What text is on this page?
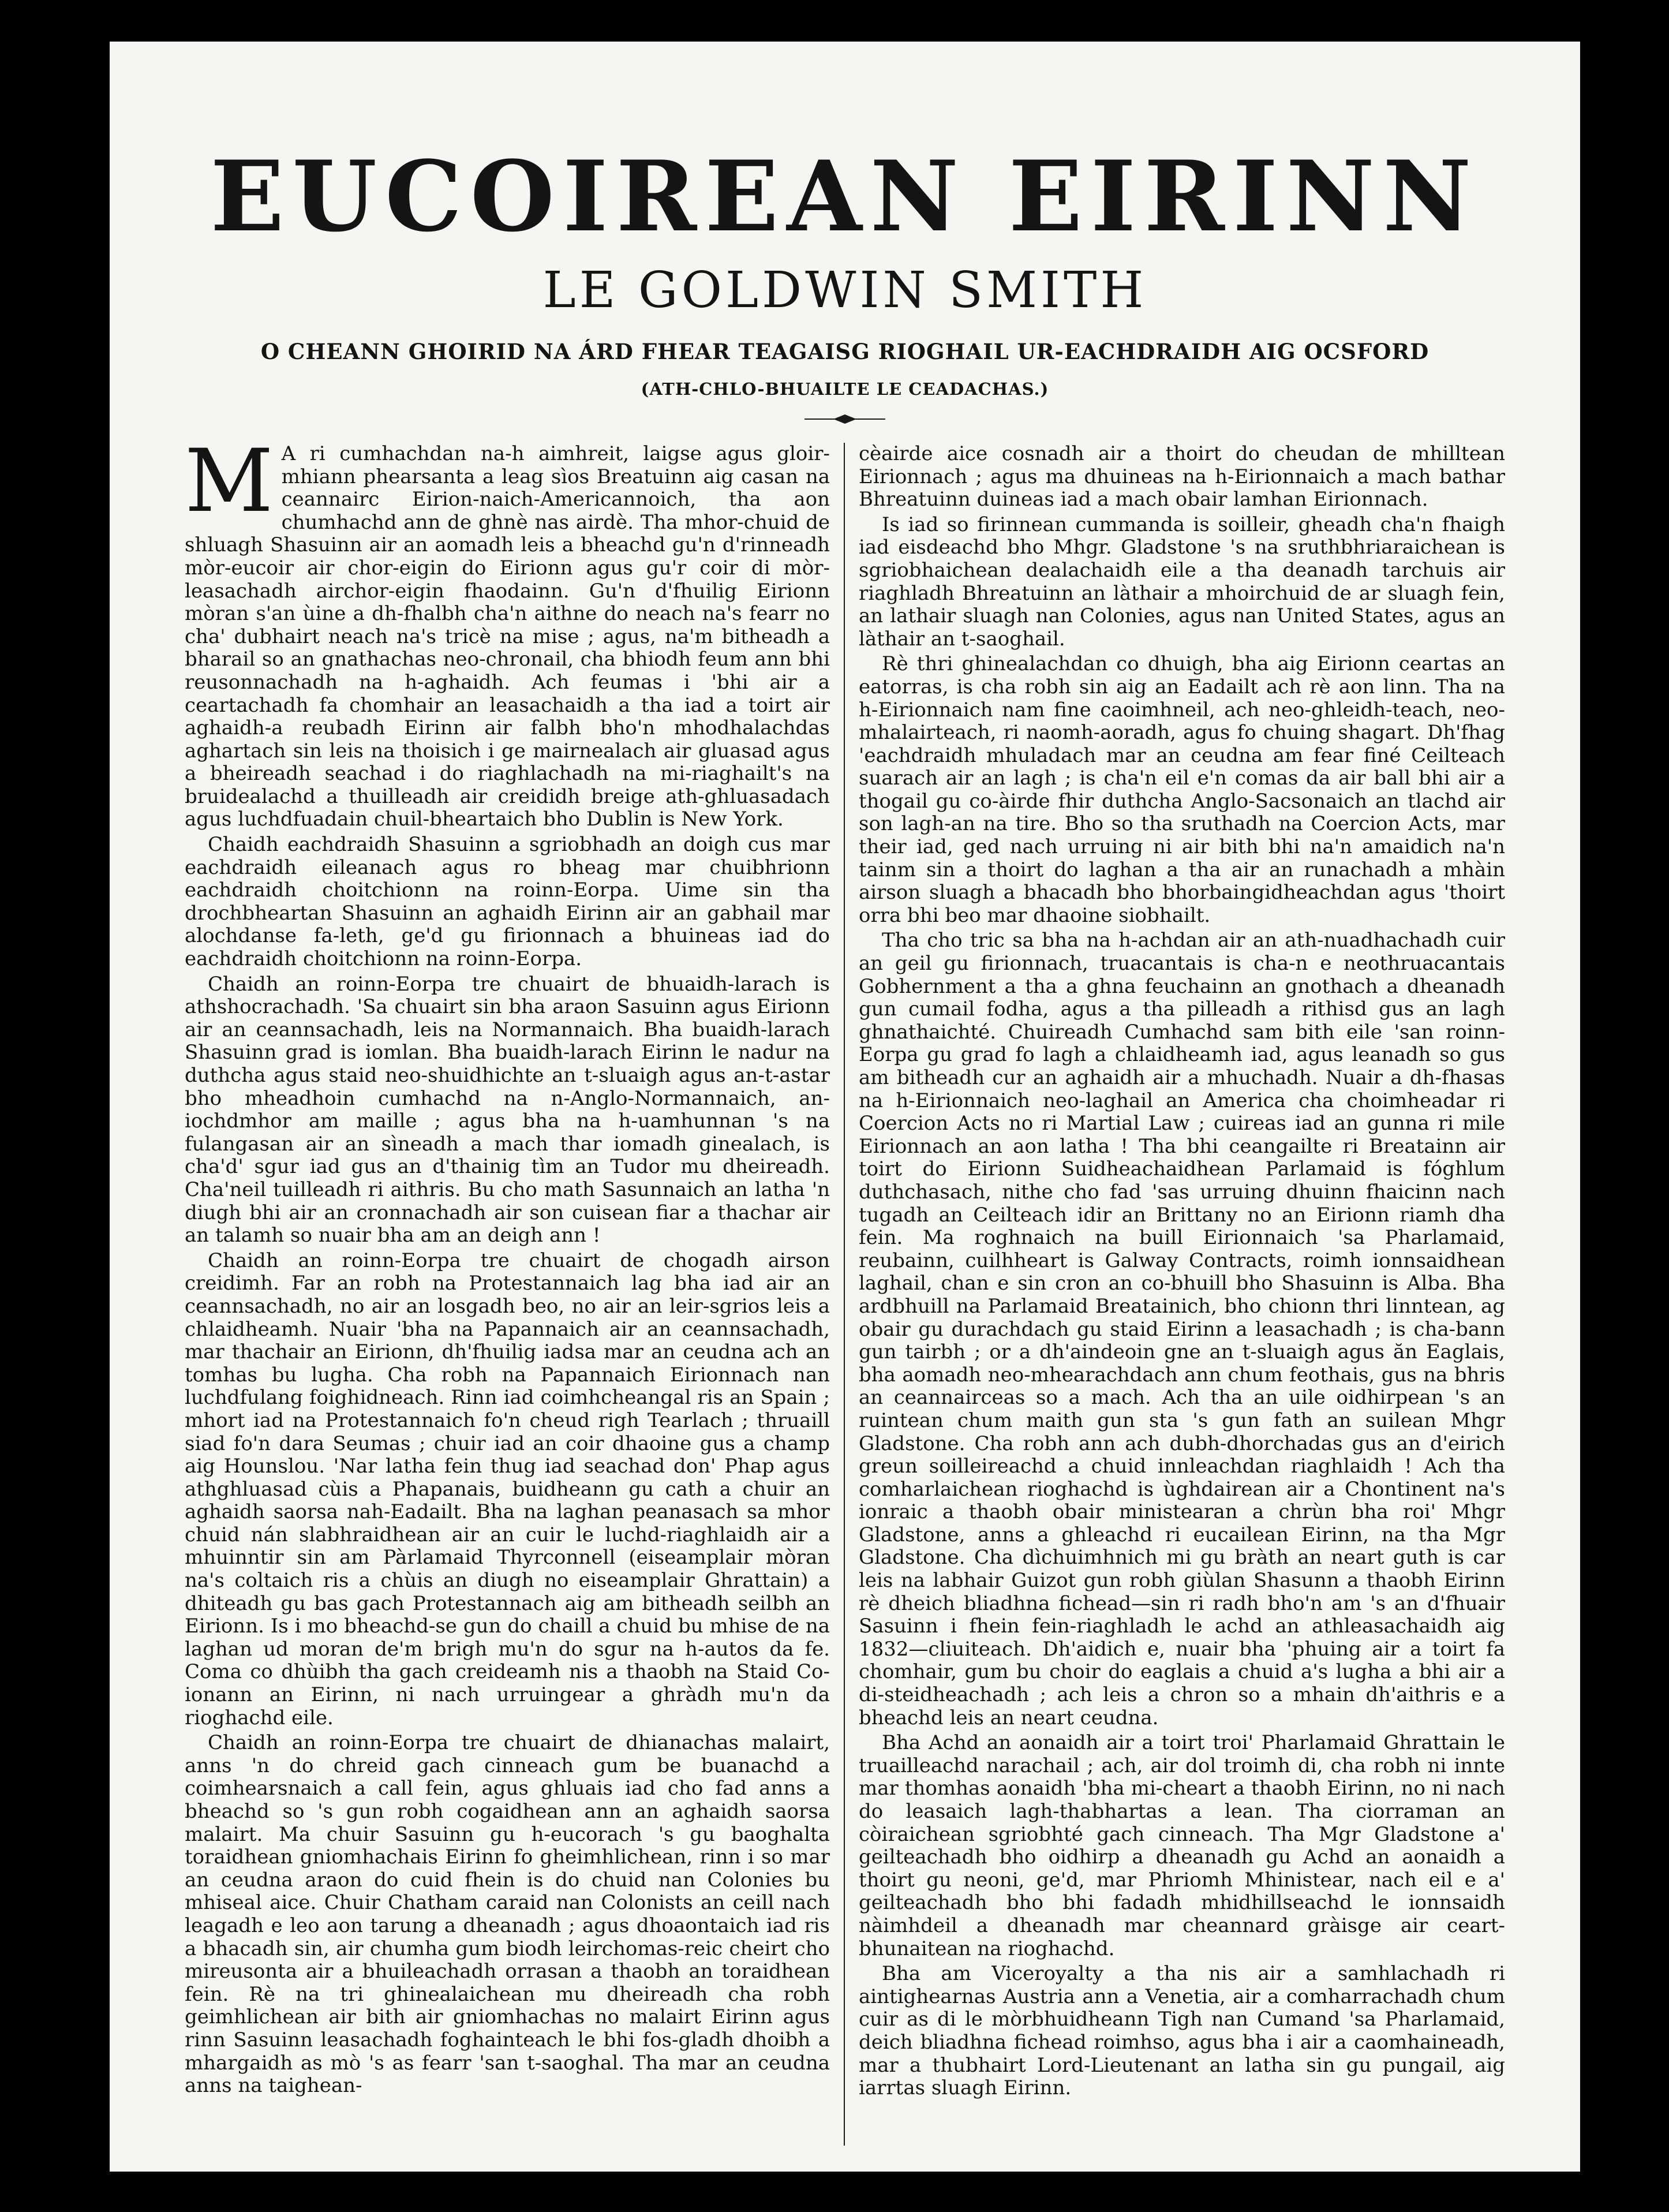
EUCOIREAN EIRINN
LE GOLDWIN SMITH
O CHEANN GHOIRID NA ÁRD FHEAR TEAGAISG RIOGHAIL UR-EACHDRAIDH AIG OCSFORD
(ATH-CHLO-BHUAILTE LE CEADACHAS.)

M A ri cumhachdan na-h aimhreit, laigse agus gloir-mhiann phearsanta a leag sìos Breatuinn aig casan na ceannairc Eirion-naich-Americannoich, tha aon chumhachd ann de ghnè nas airdè. Tha mhor-chuid de shluagh Shasuinn air an aomadh leis a bheachd gu'n d'rinneadh mòr-eucoir air chor-eigin do Eirionn agus gu'r coir di mòr-leasachadh airchor-eigin fhaodainn. Gu'n d'fhuilig Eirionn mòran s'an ùine a dh-fhalbh cha'n aithne do neach na's fearr no cha' dubhairt neach na's tricè na mise ; agus, na'm bitheadh a bharail so an gnathachas neo-chronail, cha bhiodh feum ann bhi reusonnachadh na h-aghaidh. Ach feumas i 'bhi air a ceartachadh fa chomhair an leasachaidh a tha iad a toirt air aghaidh-a reubadh Eirinn air falbh bho'n mhodhalachdas aghartach sin leis na thoisich i ge mairnealach air gluasad agus a bheireadh seachad i do riaghlachadh na mi-riaghailt's na bruidealachd a thuilleadh air creididh breige ath-ghluasadach agus luchdfuadain chuil-bheartaich bho Dublin is New York.

Chaidh eachdraidh Shasuinn a sgriobhadh an doigh cus mar eachdraidh eileanach agus ro bheag mar chuibhrionn eachdraidh choitchionn na roinn-Eorpa. Uime sin tha drochbheartan Shasuinn an aghaidh Eirinn air an gabhail mar alochdanse fa-leth, ge'd gu firionnach a bhuineas iad do eachdraidh choitchionn na roinn-Eorpa.

Chaidh an roinn-Eorpa tre chuairt de bhuaidh-larach is athshocrachadh. 'Sa chuairt sin bha araon Sasuinn agus Eirionn air an ceannsachadh, leis na Normannaich. Bha buaidh-larach Shasuinn grad is iomlan. Bha buaidh-larach Eirinn le nadur na duthcha agus staid neo-shuidhichte an t-sluaigh agus an-t-astar bho mheadhoin cumhachd na n-Anglo-Normannaich, an-iochdmhor am maille ; agus bha na h-uamhunnan 's na fulangasan air an sìneadh a mach thar iomadh ginealach, is cha'd' sgur iad gus an d'thainig tìm an Tudor mu dheireadh. Cha'neil tuilleadh ri aithris. Bu cho math Sasunnaich an latha 'n diugh bhi air an cronnachadh air son cuisean fiar a thachar air an talamh so nuair bha am an deigh ann !

Chaidh an roinn-Eorpa tre chuairt de chogadh airson creidimh. Far an robh na Protestannaich lag bha iad air an ceannsachadh, no air an losgadh beo, no air an leir-sgrios leis a chlaidheamh. Nuair 'bha na Papannaich air an ceannsachadh, mar thachair an Eirionn, dh'fhuilig iadsa mar an ceudna ach an tomhas bu lugha. Cha robh na Papannaich Eirionnach nan luchdfulang foighidneach. Rinn iad coimhcheangal ris an Spain ; mhort iad na Protestannaich fo'n cheud righ Tearlach ; thruaill siad fo'n dara Seumas ; chuir iad an coir dhaoine gus a champ aig Hounslou. 'Nar latha fein thug iad seachad don' Phap agus athghluasad cùis a Phapanais, buidheann gu cath a chuir an aghaidh saorsa nah-Eadailt. Bha na laghan peanasach sa mhor chuid nán slabhraidhean air an cuir le luchd-riaghlaidh air a mhuinntir sin am Pàrlamaid Thyrconnell (eiseamplair mòran na's coltaich ris a chùis an diugh no eiseamplair Ghrattain) a dhiteadh gu bas gach Protestannach aig am bitheadh seilbh an Eirionn. Is i mo bheachd-se gun do chaill a chuid bu mhise de na laghan ud moran de'm brigh mu'n do sgur na h-autos da fe. Coma co dhùibh tha gach creideamh nis a thaobh na Staid Co-ionann an Eirinn, ni nach urruingear a ghràdh mu'n da rioghachd eile.

Chaidh an roinn-Eorpa tre chuairt de dhianachas malairt, anns 'n do chreid gach cinneach gum be buanachd a coimhearsnaich a call fein, agus ghluais iad cho fad anns a bheachd so 's gun robh cogaidhean ann an aghaidh saorsa malairt. Ma chuir Sasuinn gu h-eucorach 's gu baoghalta toraidhean gniomhachais Eirinn fo gheimhlichean, rinn i so mar an ceudna araon do cuid fhein is do chuid nan Colonies bu mhiseal aice. Chuir Chatham caraid nan Colonists an ceill nach leagadh e leo aon tarung a dheanadh ; agus dhoaontaich iad ris a bhacadh sin, air chumha gum biodh leirchomas-reic cheirt cho mireusonta air a bhuileachadh orrasan a thaobh an toraidhean fein. Rè na tri ghinealaichean mu dheireadh cha robh geimhlichean air bith air gniomhachas no malairt Eirinn agus rinn Sasuinn leasachadh foghainteach le bhi fos-gladh dhoibh a mhargaidh as mò 's as fearr 'san t-saoghal. Tha mar an ceudna anns na taighean-

cèairde aice cosnadh air a thoirt do cheudan de mhilltean Eirionnach ; agus ma dhuineas na h-Eirionnaich a mach bathar Bhreatuinn duineas iad a mach obair lamhan Eirionnach.

Is iad so firinnean cummanda is soilleir, gheadh cha'n fhaigh iad eisdeachd bho Mhgr. Gladstone 's na sruthbhriaraichean is sgriobhaichean dealachaidh eile a tha deanadh tarchuis air riaghladh Bhreatuinn an làthair a mhoirchuid de ar sluagh fein, an lathair sluagh nan Colonies, agus nan United States, agus an làthair an t-saoghail.

Rè thri ghinealachdan co dhuigh, bha aig Eirionn ceartas an eatorras, is cha robh sin aig an Eadailt ach rè aon linn. Tha na h-Eirionnaich nam fine caoimhneil, ach neo-ghleidh-teach, neo-mhalairteach, ri naomh-aoradh, agus fo chuing shagart. Dh'fhag 'eachdraidh mhuladach mar an ceudna am fear finé Ceilteach suarach air an lagh ; is cha'n eil e'n comas da air ball bhi air a thogail gu co-àirde fhir duthcha Anglo-Sacsonaich an tlachd air son lagh-an na tire. Bho so tha sruthadh na Coercion Acts, mar their iad, ged nach urruing ni air bith bhi na'n amaidich na'n tainm sin a thoirt do laghan a tha air an runachadh a mhàin airson sluagh a bhacadh bho bhorbaingidheachdan agus 'thoirt orra bhi beo mar dhaoine siobhailt.

Tha cho tric sa bha na h-achdan air an ath-nuadhachadh cuir an geil gu firionnach, truacantais is cha-n e neothruacantais Gobhernment a tha a ghna feuchainn an gnothach a dheanadh gun cumail fodha, agus a tha pilleadh a rithisd gus an lagh ghnathaichté. Chuireadh Cumhachd sam bith eile 'san roinn-Eorpa gu grad fo lagh a chlaidheamh iad, agus leanadh so gus am bitheadh cur an aghaidh air a mhuchadh. Nuair a dh-fhasas na h-Eirionnaich neo-laghail an America cha choimheadar ri Coercion Acts no ri Martial Law ; cuireas iad an gunna ri mile Eirionnach an aon latha ! Tha bhi ceangailte ri Breatainn air toirt do Eirionn Suidheachaidhean Parlamaid is fóghlum duthchasach, nithe cho fad 'sas urruing dhuinn fhaicinn nach tugadh an Ceilteach idir an Brittany no an Eirionn riamh dha fein. Ma roghnaich na buill Eirionnaich 'sa Pharlamaid, reubainn, cuilhheart is Galway Contracts, roimh ionnsaidhean laghail, chan e sin cron an co-bhuill bho Shasuinn is Alba. Bha ardbhuill na Parlamaid Breatainich, bho chionn thri linntean, ag obair gu durachdach gu staid Eirinn a leasachadh ; is cha-bann gun tairbh ; or a dh'aindeoin gne an t-sluaigh agus ăn Eaglais, bha aomadh neo-mhearachdach ann chum feothais, gus na bhris an ceannairceas so a mach. Ach tha an uile oidhirpean 's an ruintean chum maith gun sta 's gun fath an suilean Mhgr Gladstone. Cha robh ann ach dubh-dhorchadas gus an d'eirich greun soilleireachd a chuid innleachdan riaghlaidh ! Ach tha comharlaichean rioghachd is ùghdairean air a Chontinent na's ionraic a thaobh obair ministearan a chrùn bha roi' Mhgr Gladstone, anns a ghleachd ri eucailean Eirinn, na tha Mgr Gladstone. Cha dìchuimhnich mi gu bràth an neart guth is car leis na labhair Guizot gun robh giùlan Shasunn a thaobh Eirinn rè dheich bliadhna fichead—sin ri radh bho'n am 's an d'fhuair Sasuinn i fhein fein-riaghladh le achd an athleasachaidh aig 1832—cliuiteach. Dh'aidich e, nuair bha 'phuing air a toirt fa chomhair, gum bu choir do eaglais a chuid a's lugha a bhi air a di-steidheachadh ; ach leis a chron so a mhain dh'aithris e a bheachd leis an neart ceudna.

Bha Achd an aonaidh air a toirt troi' Pharlamaid Ghrattain le truailleachd narachail ; ach, air dol troimh di, cha robh ni innte mar thomhas aonaidh 'bha mi-cheart a thaobh Eirinn, no ni nach do leasaich lagh-thabhartas a lean. Tha ciorraman an còiraichean sgriobhté gach cinneach. Tha Mgr Gladstone a' geilteachadh bho oidhirp a dheanadh gu Achd an aonaidh a thoirt gu neoni, ge'd, mar Phriomh Mhinistear, nach eil e a' geilteachadh bho bhi fadadh mhidhillseachd le ionnsaidh nàimhdeil a dheanadh mar cheannard gràisge air ceart-bhunaitean na rioghachd.

Bha am Viceroyalty a tha nis air a samhlachadh ri aintighearnas Austria ann a Venetia, air a comharrachadh chum cuir as di le mòrbhuidheann Tigh nan Cumand 'sa Pharlamaid, deich bliadhna fichead roimhso, agus bha i air a caomhaineadh, mar a thubhairt Lord-Lieutenant an latha sin gu pungail, aig iarrtas sluagh Eirinn.
